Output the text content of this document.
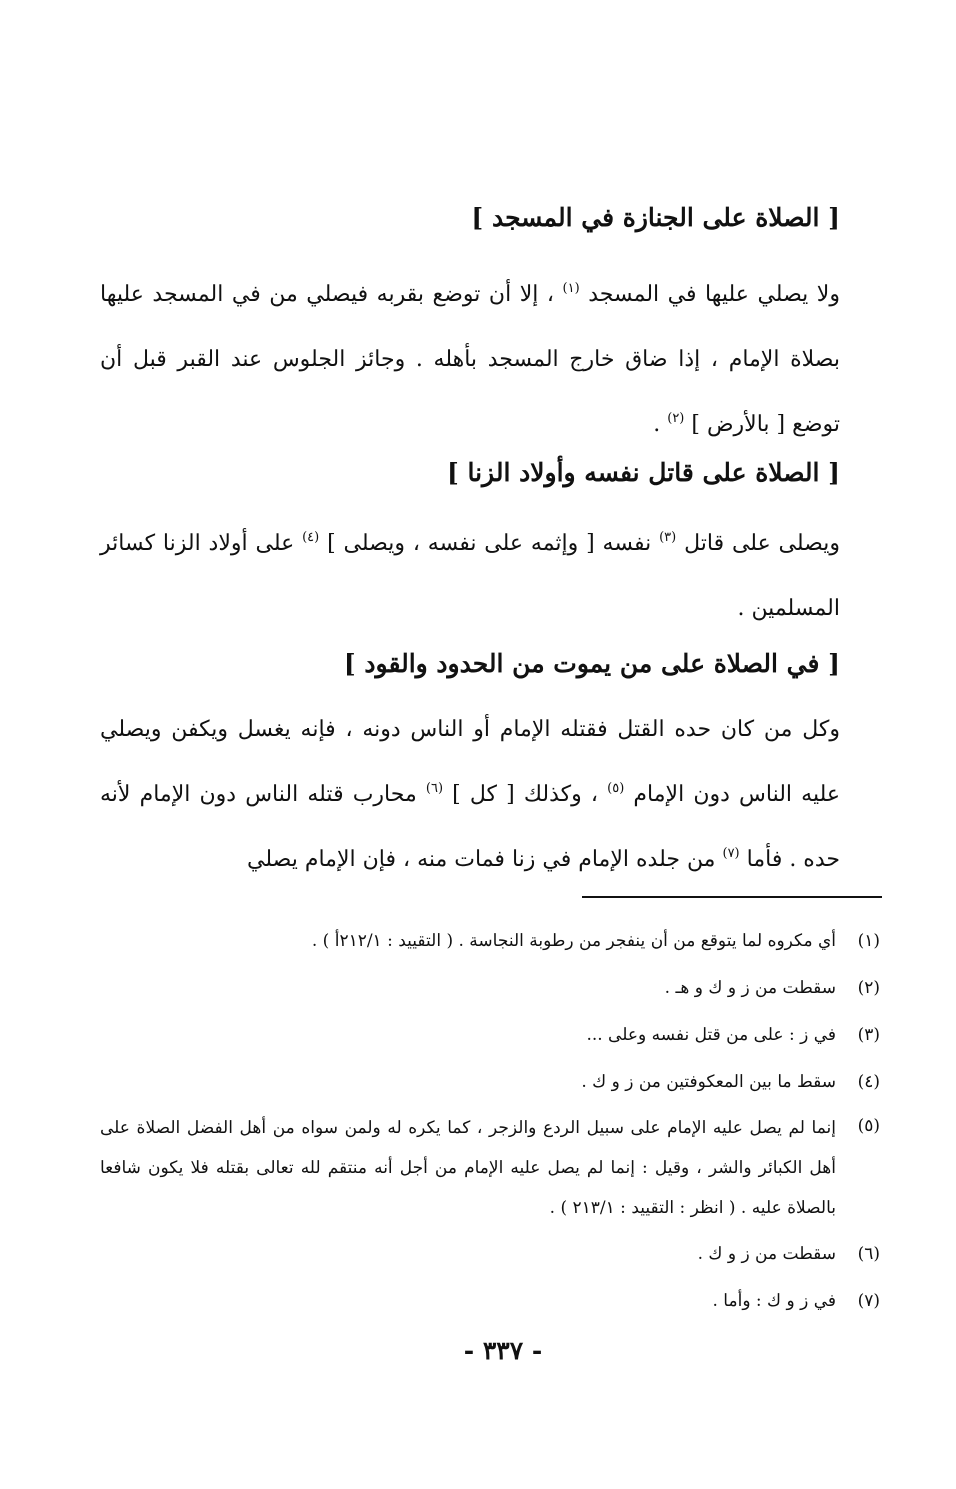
[ الصلاة على الجنازة في المسجد ]
ولا يصلي عليها في المسجد $^{(١)}$ ، إلا أن توضع بقربه فيصلي من في المسجد عليها بصلاة الإمام ، إذا ضاق خارج المسجد بأهله . وجائز الجلوس عند القبر قبل أن توضع [ بالأرض ] $^{(٢)}$ .
[ الصلاة على قاتل نفسه وأولاد الزنا ]
ويصلى على قاتل $^{(٣)}$ نفسه [ وإثمه على نفسه ، ويصلى ] $^{(٤)}$ على أولاد الزنا كسائر المسلمين .
[ في الصلاة على من يموت من الحدود والقود ]
وكل من كان حده القتل فقتله الإمام أو الناس دونه ، فإنه يغسل ويكفن ويصلي عليه الناس دون الإمام $^{(٥)}$ ، وكذلك [ كل ] $^{(٦)}$ محارب قتله الناس دون الإمام لأنه حده . فأما $^{(٧)}$ من جلده الإمام في زنا فمات منه ، فإن الإمام يصلي
(١)
أي مكروه لما يتوقع من أن ينفجر من رطوبة النجاسة . ( التقييد : ٢١٢/١أ ) .
(٢)
سقطت من ز و ك و هـ .
(٣)
في ز : على من قتل نفسه وعلى ...
(٤)
سقط ما بين المعكوفتين من ز و ك .
(٥)
إنما لم يصل عليه الإمام على سبيل الردع والزجر ، كما يكره له ولمن سواه من أهل الفضل الصلاة على أهل الكبائر والشر ، وقيل : إنما لم يصل عليه الإمام من أجل أنه منتقم لله تعالى بقتله فلا يكون شافعا بالصلاة عليه . ( انظر : التقييد : ٢١٣/١ ) .
(٦)
سقطت من ز و ك .
(٧)
في ز و ك : وأما .
- ٣٣٧ -
